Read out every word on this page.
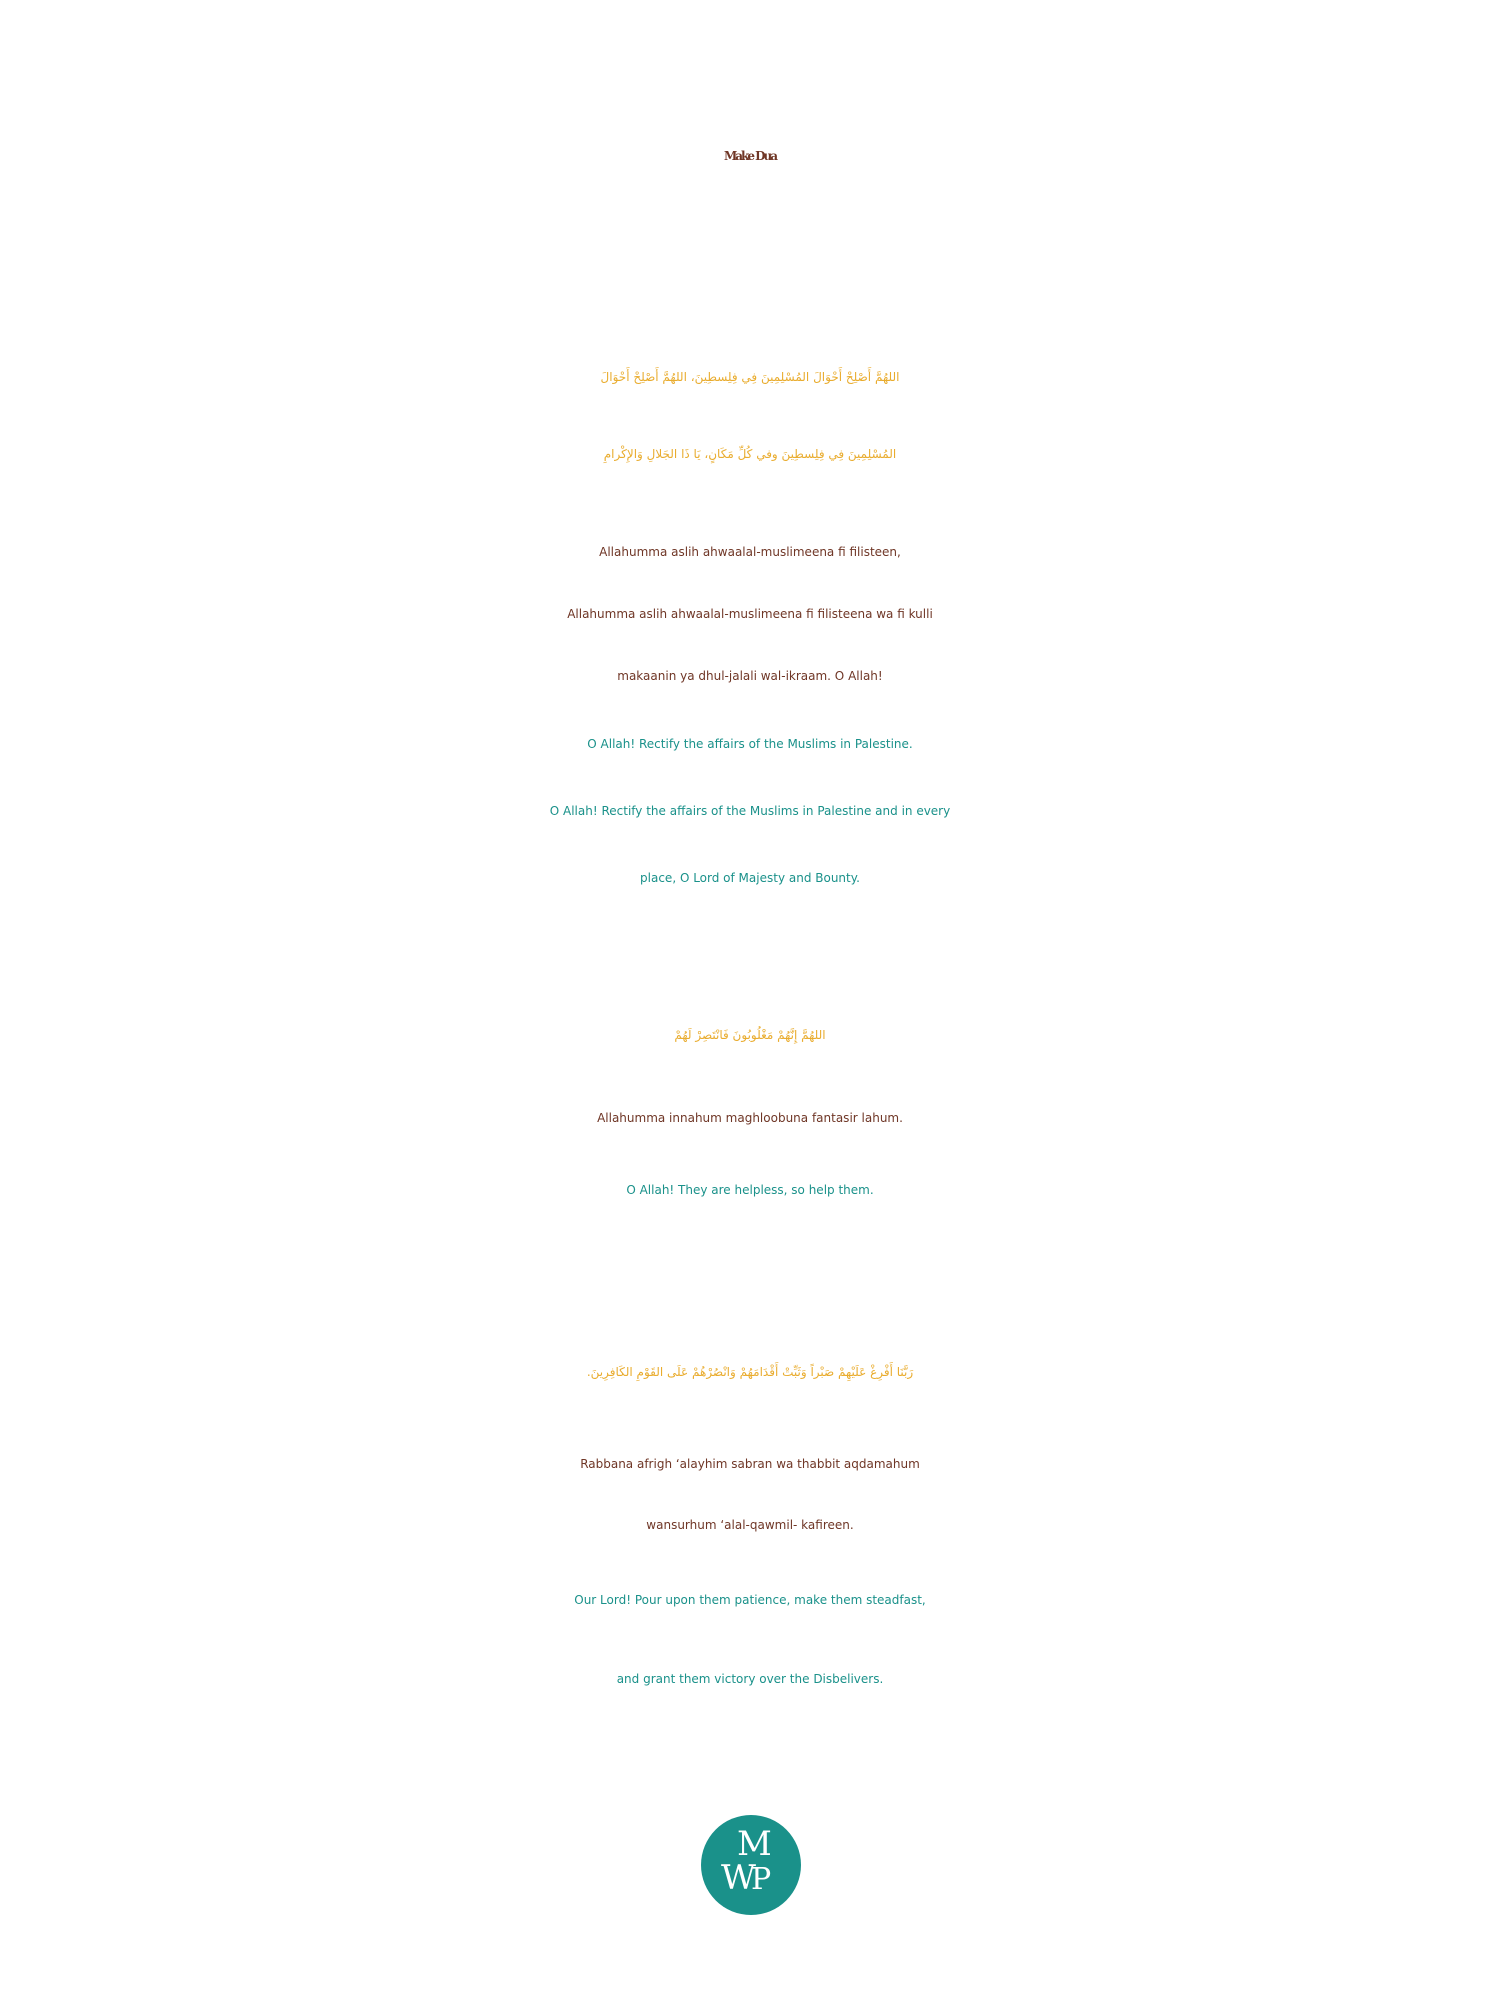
Make Dua
اللهُمَّ أَصْلِحْ أَحْوَالَ المُسْلِمِينَ فِي فِلِسطِينَ، اللهُمَّ أَصْلِحْ أَحْوَالَ
المُسْلِمِينَ فِي فِلِسطِينَ وفي كُلِّ مَكَانٍ، يَا ذَا الجَلالِ وَالإِكْرامِ
Allahumma aslih ahwaalal-muslimeena fi filisteen,
Allahumma aslih ahwaalal-muslimeena fi filisteena wa fi kulli
makaanin ya dhul-jalali wal-ikraam. O Allah!
O Allah! Rectify the affairs of the Muslims in Palestine.
O Allah! Rectify the affairs of the Muslims in Palestine and in every
place, O Lord of Majesty and Bounty.
اللهُمَّ إِنَّهُمْ مَغْلُوبُونَ فَانْتَصِرْ لَهُمْ
Allahumma innahum maghloobuna fantasir lahum.
O Allah! They are helpless, so help them.
رَبَّنَا أَفْرِغْ عَلَيْهِمْ صَبْراً وَثَبِّتْ أَقْدَامَهُمْ وَانْصُرْهُمْ عَلَى القَوْمِ الكَافِرِينَ.
Rabbana afrigh ‘alayhim sabran wa thabbit aqdamahum
wansurhum ‘alal-qawmil- kafireen.
Our Lord! Pour upon them patience, make them steadfast,
and grant them victory over the Disbelivers.
M
W
P
